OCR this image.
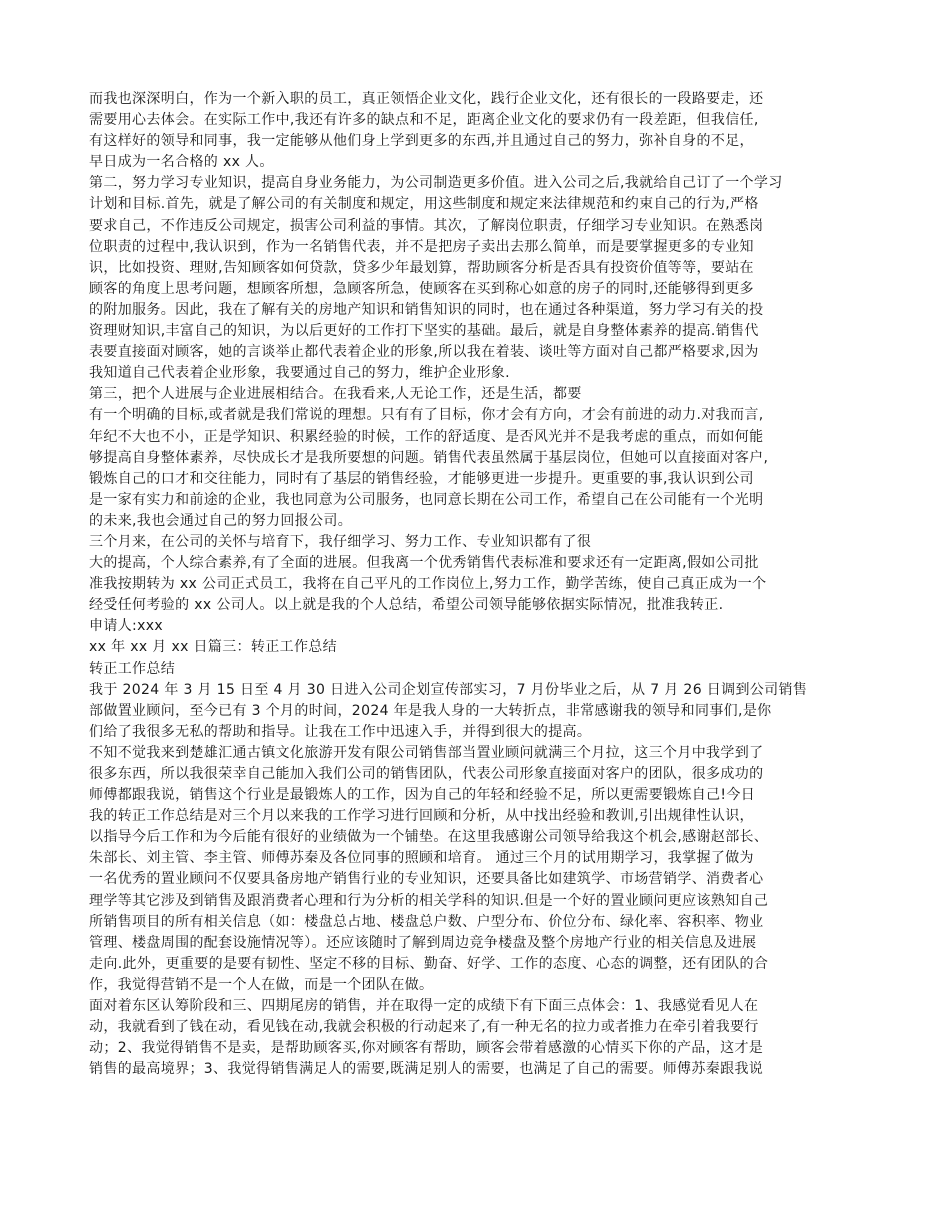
而我也深深明白，作为一个新入职的员工，真正领悟企业文化，践行企业文化，还有很长的一段路要走，还
需要用心去体会。在实际工作中,我还有许多的缺点和不足，距离企业文化的要求仍有一段差距，但我信任,
有这样好的领导和同事，我一定能够从他们身上学到更多的东西,并且通过自己的努力，弥补自身的不足，
早日成为一名合格的 xx 人。

第二，努力学习专业知识，提高自身业务能力，为公司制造更多价值。进入公司之后,我就给自己订了一个学习
计划和目标.首先，就是了解公司的有关制度和规定，用这些制度和规定来法律规范和约束自己的行为,严格
要求自己，不作违反公司规定，损害公司利益的事情。其次，了解岗位职责，仔细学习专业知识。在熟悉岗
位职责的过程中,我认识到，作为一名销售代表，并不是把房子卖出去那么简单，而是要掌握更多的专业知
识，比如投资、理财,告知顾客如何贷款，贷多少年最划算，帮助顾客分析是否具有投资价值等等，要站在
顾客的角度上思考问题，想顾客所想，急顾客所急，使顾客在买到称心如意的房子的同时,还能够得到更多
的附加服务。因此，我在了解有关的房地产知识和销售知识的同时，也在通过各种渠道，努力学习有关的投
资理财知识,丰富自己的知识，为以后更好的工作打下坚实的基础。最后，就是自身整体素养的提高.销售代
表要直接面对顾客，她的言谈举止都代表着企业的形象,所以我在着装、谈吐等方面对自己都严格要求,因为
我知道自己代表着企业形象，我要通过自己的努力，维护企业形象.

第三，把个人进展与企业进展相结合。在我看来,人无论工作，还是生活，都要

有一个明确的目标,或者就是我们常说的理想。只有有了目标，你才会有方向，才会有前进的动力.对我而言,
年纪不大也不小，正是学知识、积累经验的时候，工作的舒适度、是否风光并不是我考虑的重点，而如何能
够提高自身整体素养，尽快成长才是我所要想的问题。销售代表虽然属于基层岗位，但她可以直接面对客户,
锻炼自己的口才和交往能力，同时有了基层的销售经验，才能够更进一步提升。更重要的事,我认识到公司
是一家有实力和前途的企业，我也同意为公司服务，也同意长期在公司工作，希望自己在公司能有一个光明
的未来,我也会通过自己的努力回报公司。

三个月来，在公司的关怀与培育下，我仔细学习、努力工作、专业知识都有了很

大的提高，个人综合素养,有了全面的进展。但我离一个优秀销售代表标准和要求还有一定距离,假如公司批
准我按期转为 xx 公司正式员工，我将在自己平凡的工作岗位上,努力工作，勤学苦练，使自己真正成为一个
经受任何考验的 xx 公司人。以上就是我的个人总结，希望公司领导能够依据实际情况，批准我转正.

申请人:xxx

xx 年 xx 月 xx 日篇三：转正工作总结

转正工作总结

我于 2024 年 3 月 15 日至 4 月 30 日进入公司企划宣传部实习，7 月份毕业之后，从 7 月 26 日调到公司销售
部做置业顾问，至今已有 3 个月的时间，2024 年是我人身的一大转折点，非常感谢我的领导和同事们,是你
们给了我很多无私的帮助和指导。让我在工作中迅速入手，并得到很大的提高。

不知不觉我来到楚雄汇通古镇文化旅游开发有限公司销售部当置业顾问就满三个月拉，这三个月中我学到了
很多东西，所以我很荣幸自己能加入我们公司的销售团队，代表公司形象直接面对客户的团队，很多成功的
师傅都跟我说，销售这个行业是最锻炼人的工作，因为自己的年轻和经验不足，所以更需要锻炼自己!今日
我的转正工作总结是对三个月以来我的工作学习进行回顾和分析，从中找出经验和教训,引出规律性认识，
以指导今后工作和为今后能有很好的业绩做为一个铺垫。在这里我感谢公司领导给我这个机会,感谢赵部长、
朱部长、刘主管、李主管、师傅苏秦及各位同事的照顾和培育。 通过三个月的试用期学习，我掌握了做为
一名优秀的置业顾问不仅要具备房地产销售行业的专业知识，还要具备比如建筑学、市场营销学、消费者心
理学等其它涉及到销售及跟消费者心理和行为分析的相关学科的知识.但是一个好的置业顾问更应该熟知自己
所销售项目的所有相关信息（如：楼盘总占地、楼盘总户数、户型分布、价位分布、绿化率、容积率、物业
管理、楼盘周围的配套设施情况等）。还应该随时了解到周边竞争楼盘及整个房地产行业的相关信息及进展
走向.此外，更重要的是要有韧性、坚定不移的目标、勤奋、好学、工作的态度、心态的调整，还有团队的合
作，我觉得营销不是一个人在做，而是一个团队在做。

面对着东区认筹阶段和三、四期尾房的销售，并在取得一定的成绩下有下面三点体会：1、我感觉看见人在
动，我就看到了钱在动，看见钱在动,我就会积极的行动起来了,有一种无名的拉力或者推力在牵引着我要行
动；2、我觉得销售不是卖，是帮助顾客买,你对顾客有帮助，顾客会带着感激的心情买下你的产品，这才是
销售的最高境界；3、我觉得销售满足人的需要,既满足别人的需要，也满足了自己的需要。师傅苏秦跟我说
